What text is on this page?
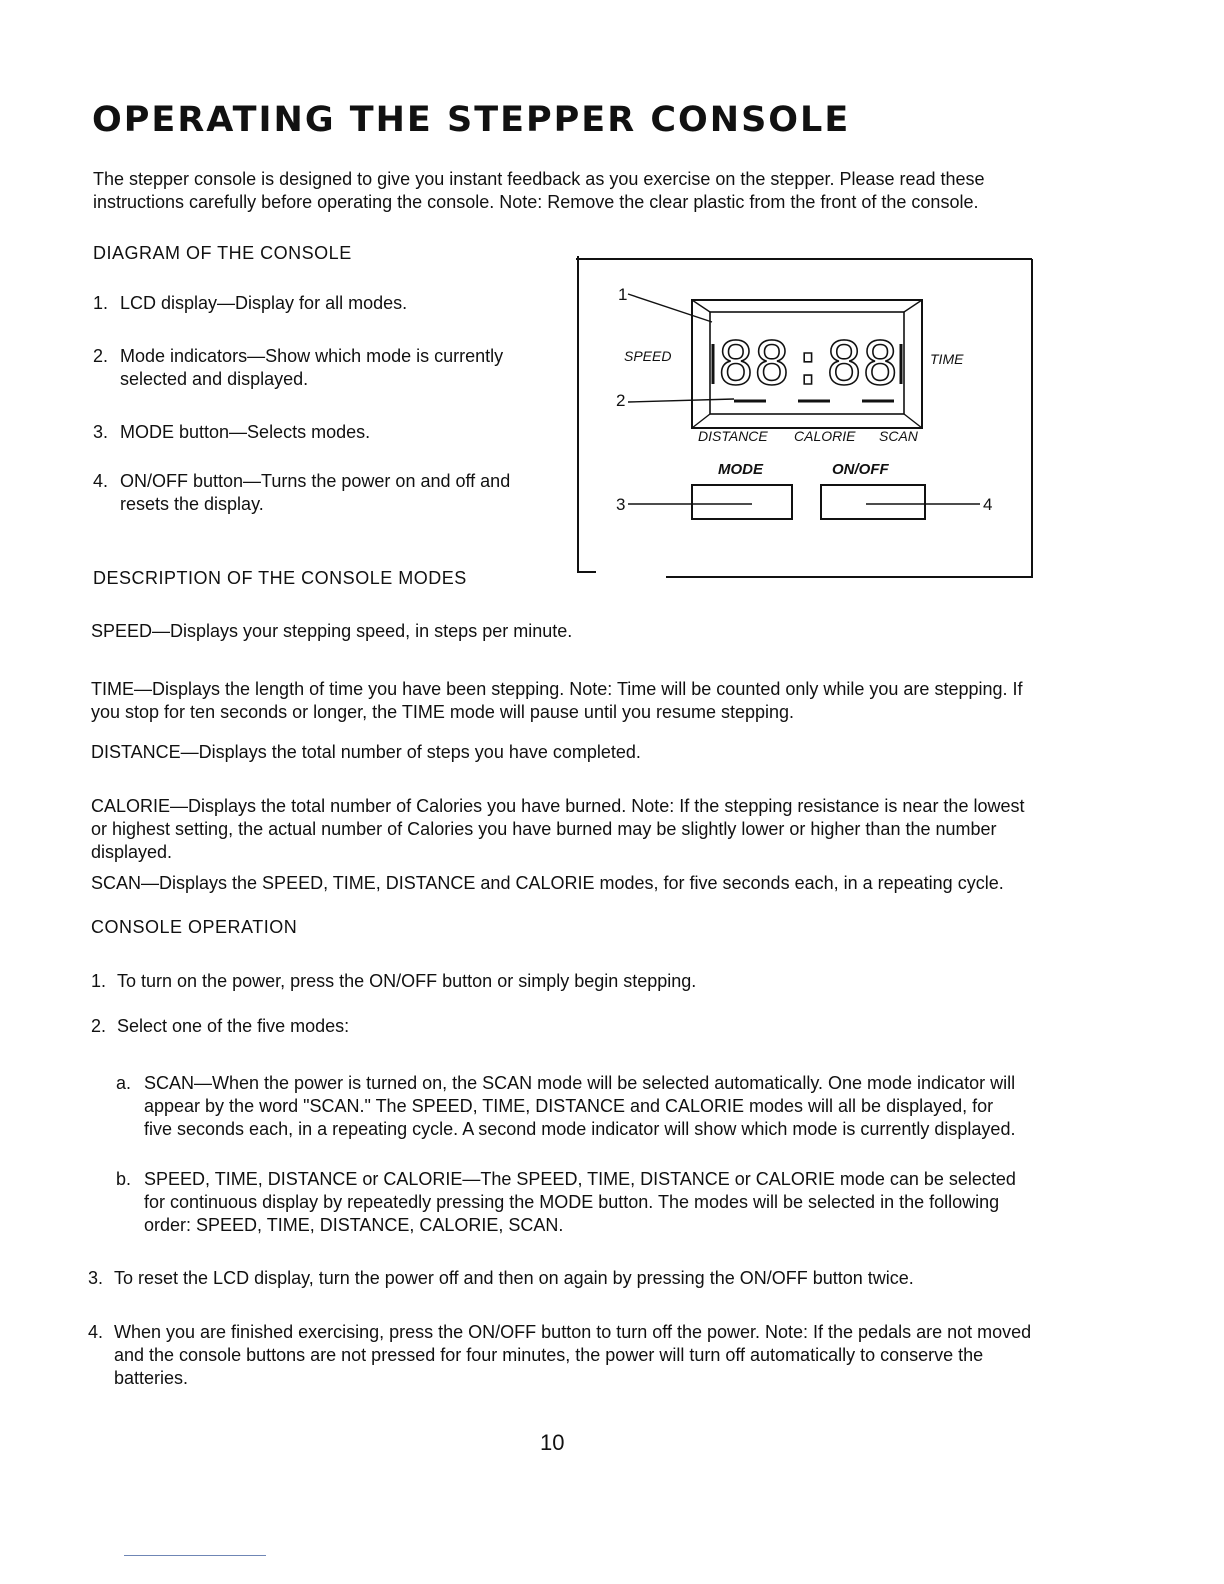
OPERATING THE STEPPER CONSOLE
The stepper console is designed to give you instant feedback as you exercise on the stepper. Please read these instructions carefully before operating the console. Note: Remove the clear plastic from the front of the console.
DIAGRAM OF THE CONSOLE
1. LCD display—Display for all modes.
2. Mode indicators—Show which mode is currently selected and displayed.
3. MODE button—Selects modes.
4. ON/OFF button—Turns the power on and off and resets the display.
88:88
SPEED	TIME
DISTANCE CALORIE SCAN
MODE	ON/OFF
1
2
3	4
DESCRIPTION OF THE CONSOLE MODES
SPEED—Displays your stepping speed, in steps per minute.
TIME—Displays the length of time you have been stepping. Note: Time will be counted only while you are stepping. If you stop for ten seconds or longer, the TIME mode will pause until you resume stepping.
DISTANCE—Displays the total number of steps you have completed.
CALORIE—Displays the total number of Calories you have burned. Note: If the stepping resistance is near the lowest or highest setting, the actual number of Calories you have burned may be slightly lower or higher than the number displayed.
SCAN—Displays the SPEED, TIME, DISTANCE and CALORIE modes, for five seconds each, in a repeating cycle.
CONSOLE OPERATION
1. To turn on the power, press the ON/OFF button or simply begin stepping.
2. Select one of the five modes:
a. SCAN—When the power is turned on, the SCAN mode will be selected automatically. One mode indicator will appear by the word "SCAN." The SPEED, TIME, DISTANCE and CALORIE modes will all be displayed, for five seconds each, in a repeating cycle. A second mode indicator will show which mode is currently displayed.
b. SPEED, TIME, DISTANCE or CALORIE—The SPEED, TIME, DISTANCE or CALORIE mode can be selected for continuous display by repeatedly pressing the MODE button. The modes will be selected in the following order: SPEED, TIME, DISTANCE, CALORIE, SCAN.
3. To reset the LCD display, turn the power off and then on again by pressing the ON/OFF button twice.
4. When you are finished exercising, press the ON/OFF button to turn off the power. Note: If the pedals are not moved and the console buttons are not pressed for four minutes, the power will turn off automatically to conserve the batteries.
10
